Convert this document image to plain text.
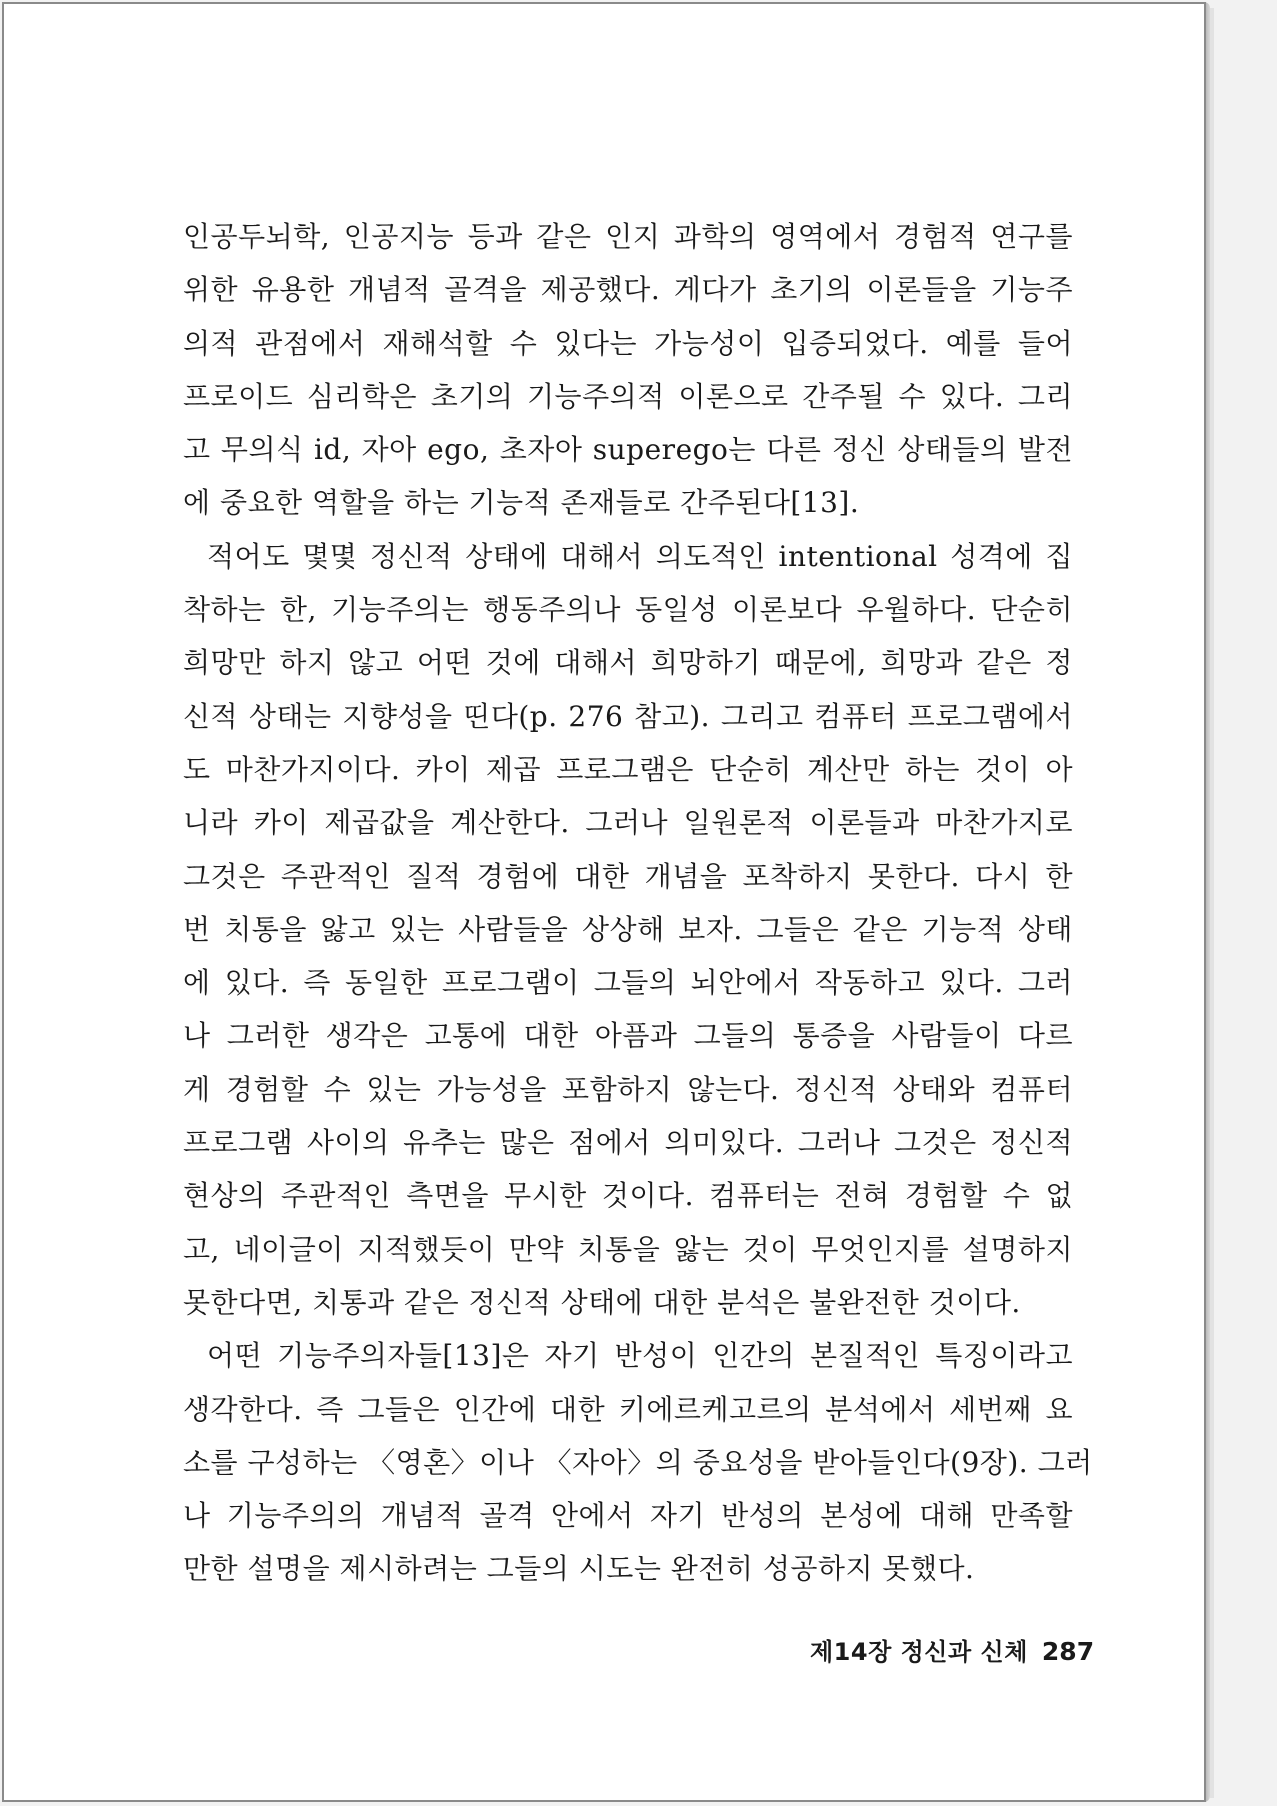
인공두뇌학, 인공지능 등과 같은 인지 과학의 영역에서 경험적 연구를
위한 유용한 개념적 골격을 제공했다. 게다가 초기의 이론들을 기능주
의적 관점에서 재해석할 수 있다는 가능성이 입증되었다. 예를 들어
프로이드 심리학은 초기의 기능주의적 이론으로 간주될 수 있다. 그리
고 무의식 id, 자아 ego, 초자아 superego는 다른 정신 상태들의 발전
에 중요한 역할을 하는 기능적 존재들로 간주된다[13].
적어도 몇몇 정신적 상태에 대해서 의도적인 intentional 성격에 집
착하는 한, 기능주의는 행동주의나 동일성 이론보다 우월하다. 단순히
희망만 하지 않고 어떤 것에 대해서 희망하기 때문에, 희망과 같은 정
신적 상태는 지향성을 띤다(p. 276 참고). 그리고 컴퓨터 프로그램에서
도 마찬가지이다. 카이 제곱 프로그램은 단순히 계산만 하는 것이 아
니라 카이 제곱값을 계산한다. 그러나 일원론적 이론들과 마찬가지로
그것은 주관적인 질적 경험에 대한 개념을 포착하지 못한다. 다시 한
번 치통을 앓고 있는 사람들을 상상해 보자. 그들은 같은 기능적 상태
에 있다. 즉 동일한 프로그램이 그들의 뇌안에서 작동하고 있다. 그러
나 그러한 생각은 고통에 대한 아픔과 그들의 통증을 사람들이 다르
게 경험할 수 있는 가능성을 포함하지 않는다. 정신적 상태와 컴퓨터
프로그램 사이의 유추는 많은 점에서 의미있다. 그러나 그것은 정신적
현상의 주관적인 측면을 무시한 것이다. 컴퓨터는 전혀 경험할 수 없
고, 네이글이 지적했듯이 만약 치통을 앓는 것이 무엇인지를 설명하지
못한다면, 치통과 같은 정신적 상태에 대한 분석은 불완전한 것이다.
어떤 기능주의자들[13]은 자기 반성이 인간의 본질적인 특징이라고
생각한다. 즉 그들은 인간에 대한 키에르케고르의 분석에서 세번째 요
소를 구성하는 〈영혼〉이나 〈자아〉의 중요성을 받아들인다(9장). 그러
나 기능주의의 개념적 골격 안에서 자기 반성의 본성에 대해 만족할
만한 설명을 제시하려는 그들의 시도는 완전히 성공하지 못했다.
제14장 정신과 신체 287
